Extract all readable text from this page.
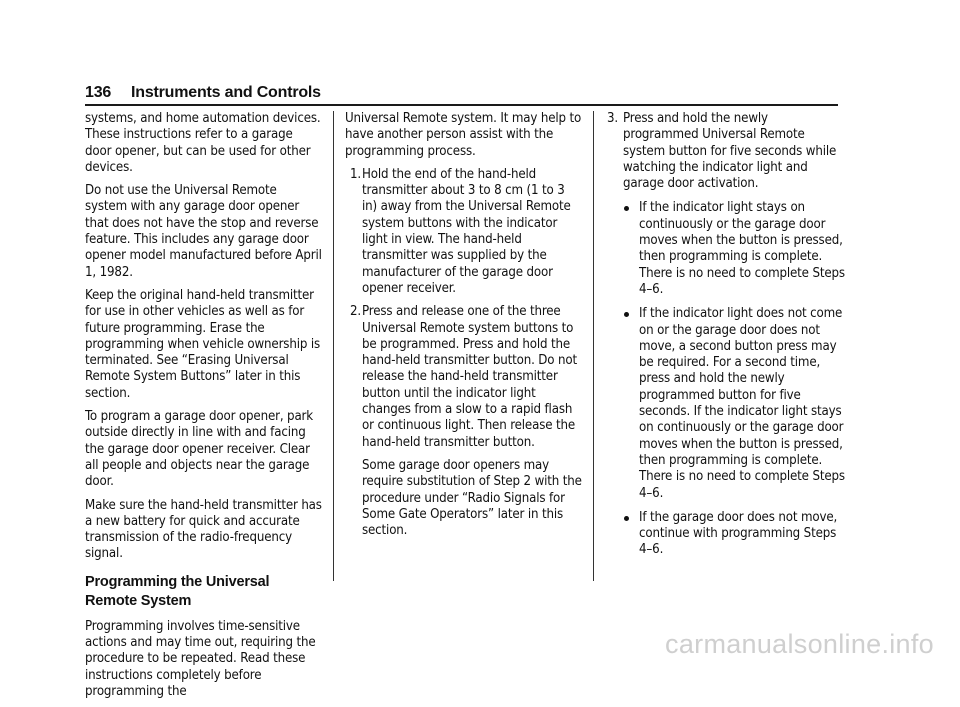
136 Instruments and Controls

systems, and home automation devices. These instructions refer to a garage door opener, but can be used for other devices.

Do not use the Universal Remote system with any garage door opener that does not have the stop and reverse feature. This includes any garage door opener model manufactured before April 1, 1982.

Keep the original hand-held transmitter for use in other vehicles as well as for future programming. Erase the programming when vehicle ownership is terminated. See “Erasing Universal Remote System Buttons” later in this section.

To program a garage door opener, park outside directly in line with and facing the garage door opener receiver. Clear all people and objects near the garage door.

Make sure the hand-held transmitter has a new battery for quick and accurate transmission of the radio-frequency signal.

Programming the Universal Remote System

Programming involves time-sensitive actions and may time out, requiring the procedure to be repeated. Read these instructions completely before programming the

Universal Remote system. It may help to have another person assist with the programming process.

1. Hold the end of the hand-held transmitter about 3 to 8 cm (1 to 3 in) away from the Universal Remote system buttons with the indicator light in view. The hand-held transmitter was supplied by the manufacturer of the garage door opener receiver.

2. Press and release one of the three Universal Remote system buttons to be programmed. Press and hold the hand-held transmitter button. Do not release the hand-held transmitter button until the indicator light changes from a slow to a rapid flash or continuous light. Then release the hand-held transmitter button.

Some garage door openers may require substitution of Step 2 with the procedure under “Radio Signals for Some Gate Operators” later in this section.

3. Press and hold the newly programmed Universal Remote system button for five seconds while watching the indicator light and garage door activation.

If the indicator light stays on continuously or the garage door moves when the button is pressed, then programming is complete. There is no need to complete Steps 4–6.
If the indicator light does not come on or the garage door does not move, a second button press may be required. For a second time, press and hold the newly programmed button for five seconds. If the indicator light stays on continuously or the garage door moves when the button is pressed, then programming is complete. There is no need to complete Steps 4–6.
If the garage door does not move, continue with programming Steps 4–6.
carmanualsonline.info
